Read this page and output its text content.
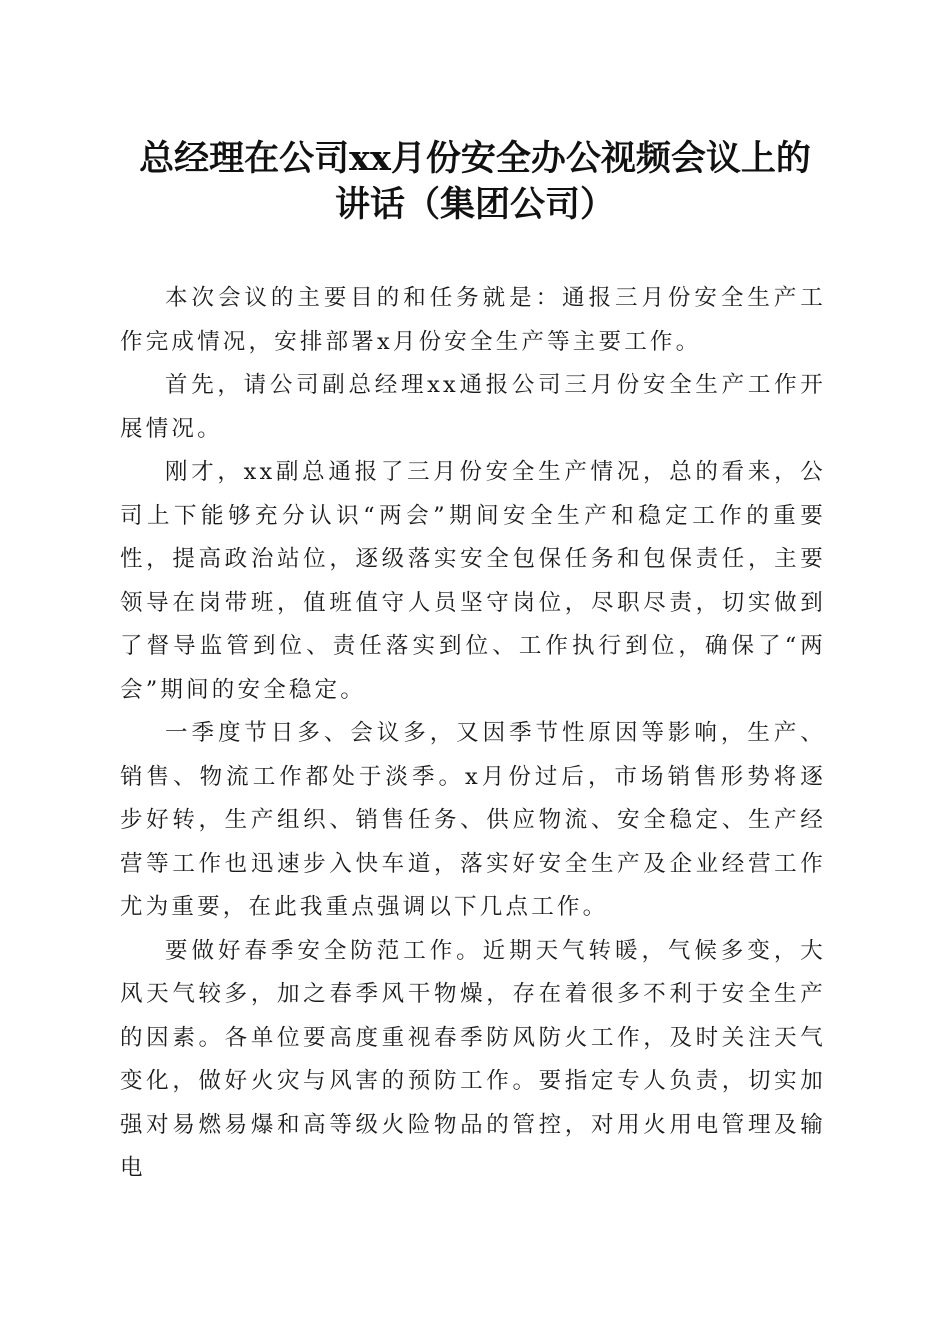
总经理在公司xx月份安全办公视频会议上的
讲话（集团公司）

本次会议的主要目的和任务就是：通报三月份安全生产工作完成情况，安排部署x月份安全生产等主要工作。

首先，请公司副总经理xx通报公司三月份安全生产工作开展情况。

刚才，xx副总通报了三月份安全生产情况，总的看来，公司上下能够充分认识“两会”期间安全生产和稳定工作的重要性，提高政治站位，逐级落实安全包保任务和包保责任，主要领导在岗带班，值班值守人员坚守岗位，尽职尽责，切实做到了督导监管到位、责任落实到位、工作执行到位，确保了“两会”期间的安全稳定。

一季度节日多、会议多，又因季节性原因等影响，生产、销售、物流工作都处于淡季。x月份过后，市场销售形势将逐步好转，生产组织、销售任务、供应物流、安全稳定、生产经营等工作也迅速步入快车道，落实好安全生产及企业经营工作尤为重要，在此我重点强调以下几点工作。

要做好春季安全防范工作。近期天气转暖，气候多变，大风天气较多，加之春季风干物燥，存在着很多不利于安全生产的因素。各单位要高度重视春季防风防火工作，及时关注天气变化，做好火灾与风害的预防工作。要指定专人负责，切实加强对易燃易爆和高等级火险物品的管控，对用火用电管理及输电
